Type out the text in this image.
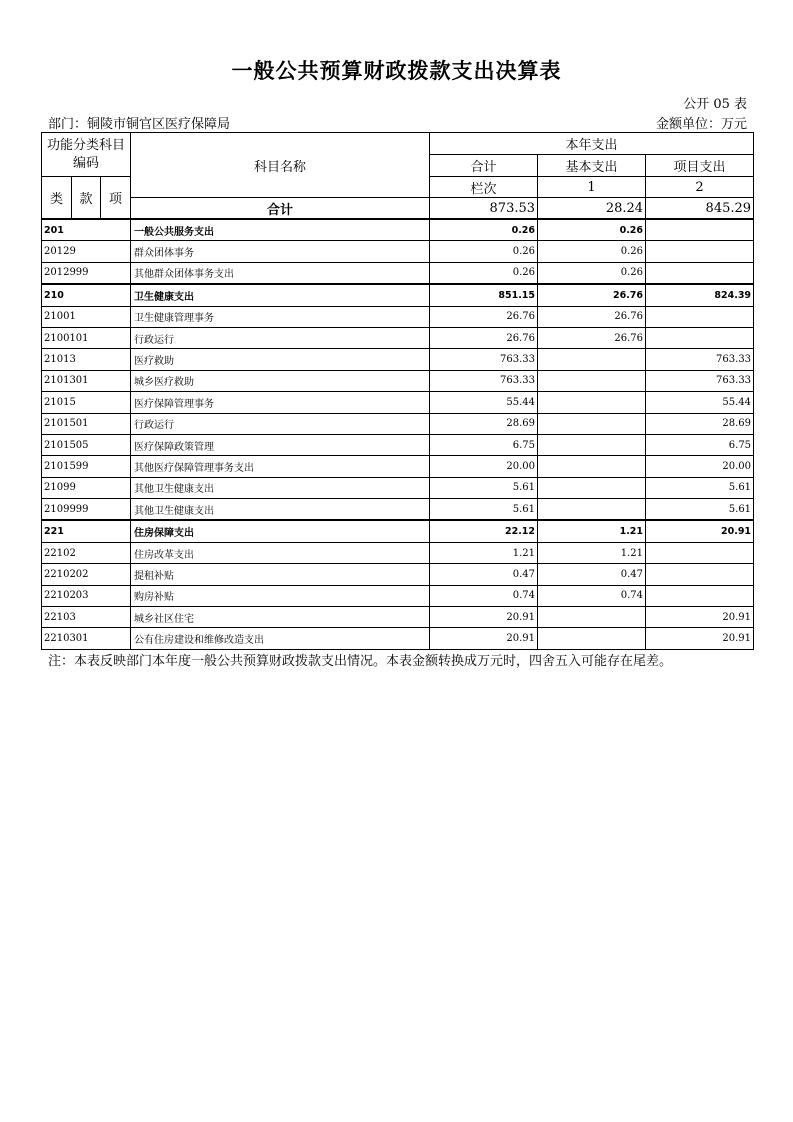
一般公共预算财政拨款支出决算表
公开 05 表
部门：铜陵市铜官区医疗保障局	金额单位：万元
功能分类科目编码			科目名称	本年支出			
				合计	基本支出	项目支出	
类	款	项		栏次	1	2	
			合计	873.53	28.24	845.29	
201			一般公共服务支出	0.26	0.26		
20129			群众团体事务	0.26	0.26		
2012999			其他群众团体事务支出	0.26	0.26		
210			卫生健康支出	851.15	26.76	824.39	
21001			卫生健康管理事务	26.76	26.76		
2100101			行政运行	26.76	26.76		
21013			医疗救助	763.33		763.33	
2101301			城乡医疗救助	763.33		763.33	
21015			医疗保障管理事务	55.44		55.44	
2101501			行政运行	28.69		28.69	
2101505			医疗保障政策管理	6.75		6.75	
2101599			其他医疗保障管理事务支出	20.00		20.00	
21099			其他卫生健康支出	5.61		5.61	
2109999			其他卫生健康支出	5.61		5.61	
221			住房保障支出	22.12	1.21	20.91	
22102			住房改革支出	1.21	1.21		
2210202			提租补贴	0.47	0.47		
2210203			购房补贴	0.74	0.74		
22103			城乡社区住宅	20.91		20.91	
2210301			公有住房建设和维修改造支出	20.91		20.91	
注：本表反映部门本年度一般公共预算财政拨款支出情况。本表金额转换成万元时，四舍五入可能存在尾差。
